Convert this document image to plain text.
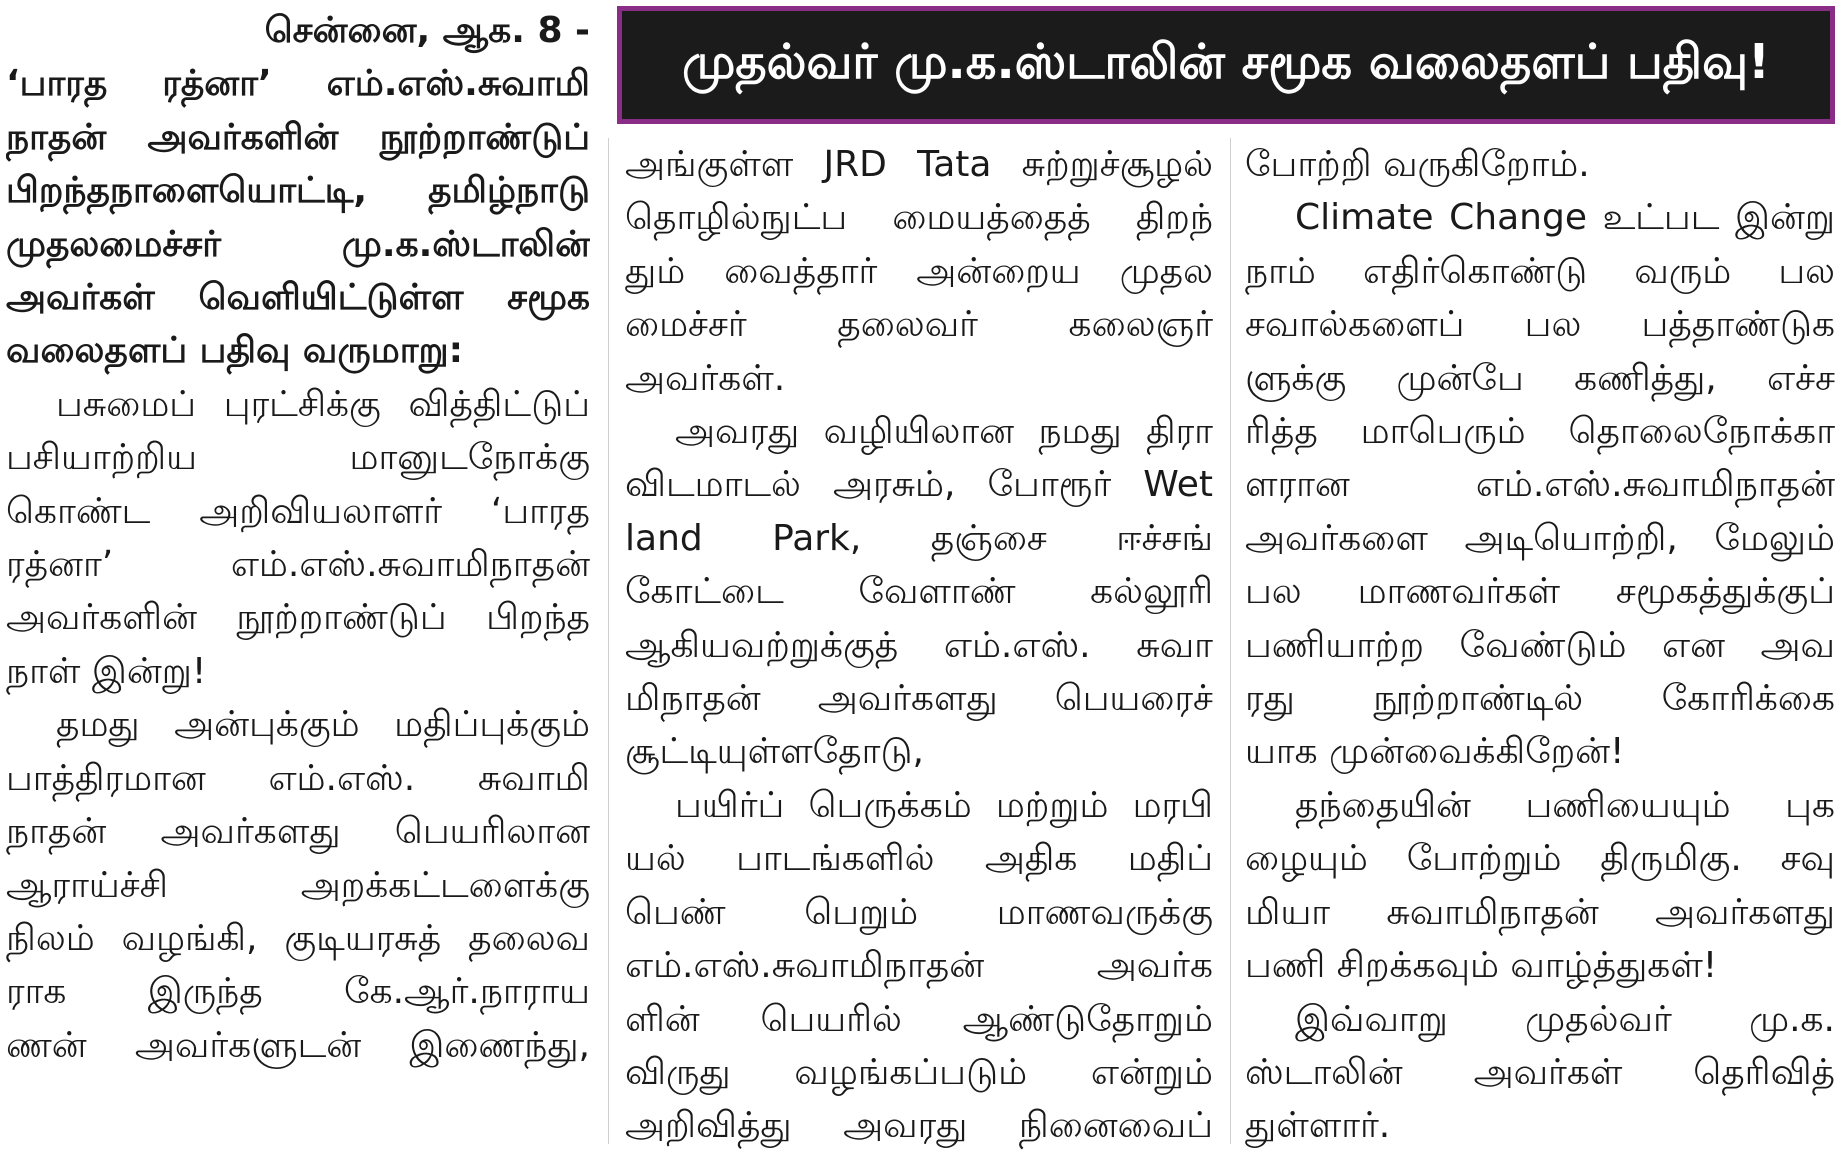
முதல்வர் மு.க.ஸ்டாலின் சமூக வலைதளப் பதிவு!
சென்னை, ஆக. 8 -
‘பாரத ரத்னா’ எம்.எஸ்.சுவாமி
நாதன் அவர்களின் நூற்றாண்டுப்
பிறந்தநாளையொட்டி, தமிழ்நாடு
முதலமைச்சர் மு.க.ஸ்டாலின்
அவர்கள் வெளியிட்டுள்ள சமூக
வலைதளப் பதிவு வருமாறு:
பசுமைப் புரட்சிக்கு வித்திட்டுப்
பசியாற்றிய மானுடநோக்கு
கொண்ட அறிவியலாளர் ‘பாரத
ரத்னா’ எம்.எஸ்.சுவாமிநாதன்
அவர்களின் நூற்றாண்டுப் பிறந்த
நாள் இன்று!
தமது அன்புக்கும் மதிப்புக்கும்
பாத்திரமான எம்.எஸ். சுவாமி
நாதன் அவர்களது பெயரிலான
ஆராய்ச்சி அறக்கட்டளைக்கு
நிலம் வழங்கி, குடியரசுத் தலைவ
ராக இருந்த கே.ஆர்.நாராய
ணன் அவர்களுடன் இணைந்து,
அங்குள்ள JRD Tata சுற்றுச்சூழல்
தொழில்நுட்ப மையத்தைத் திறந்
தும் வைத்தார் அன்றைய முதல
மைச்சர் தலைவர் கலைஞர்
அவர்கள்.
அவரது வழியிலான நமது திரா
விடமாடல் அரசும், போரூர் Wet
land Park, தஞ்சை ஈச்சங்
கோட்டை வேளாண் கல்லூரி
ஆகியவற்றுக்குத் எம்.எஸ். சுவா
மிநாதன் அவர்களது பெயரைச்
சூட்டியுள்ளதோடு,
பயிர்ப் பெருக்கம் மற்றும் மரபி
யல் பாடங்களில் அதிக மதிப்
பெண் பெறும் மாணவருக்கு
எம்.எஸ்.சுவாமிநாதன் அவர்க
ளின் பெயரில் ஆண்டுதோறும்
விருது வழங்கப்படும் என்றும்
அறிவித்து அவரது நினைவைப்
போற்றி வருகிறோம்.
Climate Change உட்பட இன்று
நாம் எதிர்கொண்டு வரும் பல
சவால்களைப் பல பத்தாண்டுக
ளுக்கு முன்பே கணித்து, எச்ச
ரித்த மாபெரும் தொலைநோக்கா
ளரான எம்.எஸ்.சுவாமிநாதன்
அவர்களை அடியொற்றி, மேலும்
பல மாணவர்கள் சமூகத்துக்குப்
பணியாற்ற வேண்டும் என அவ
ரது நூற்றாண்டில் கோரிக்கை
யாக முன்வைக்கிறேன்!
தந்தையின் பணியையும் புக
ழையும் போற்றும் திருமிகு. சவு
மியா சுவாமிநாதன் அவர்களது
பணி சிறக்கவும் வாழ்த்துகள்!
இவ்வாறு முதல்வர் மு.க.
ஸ்டாலின் அவர்கள் தெரிவித்
துள்ளார்.
